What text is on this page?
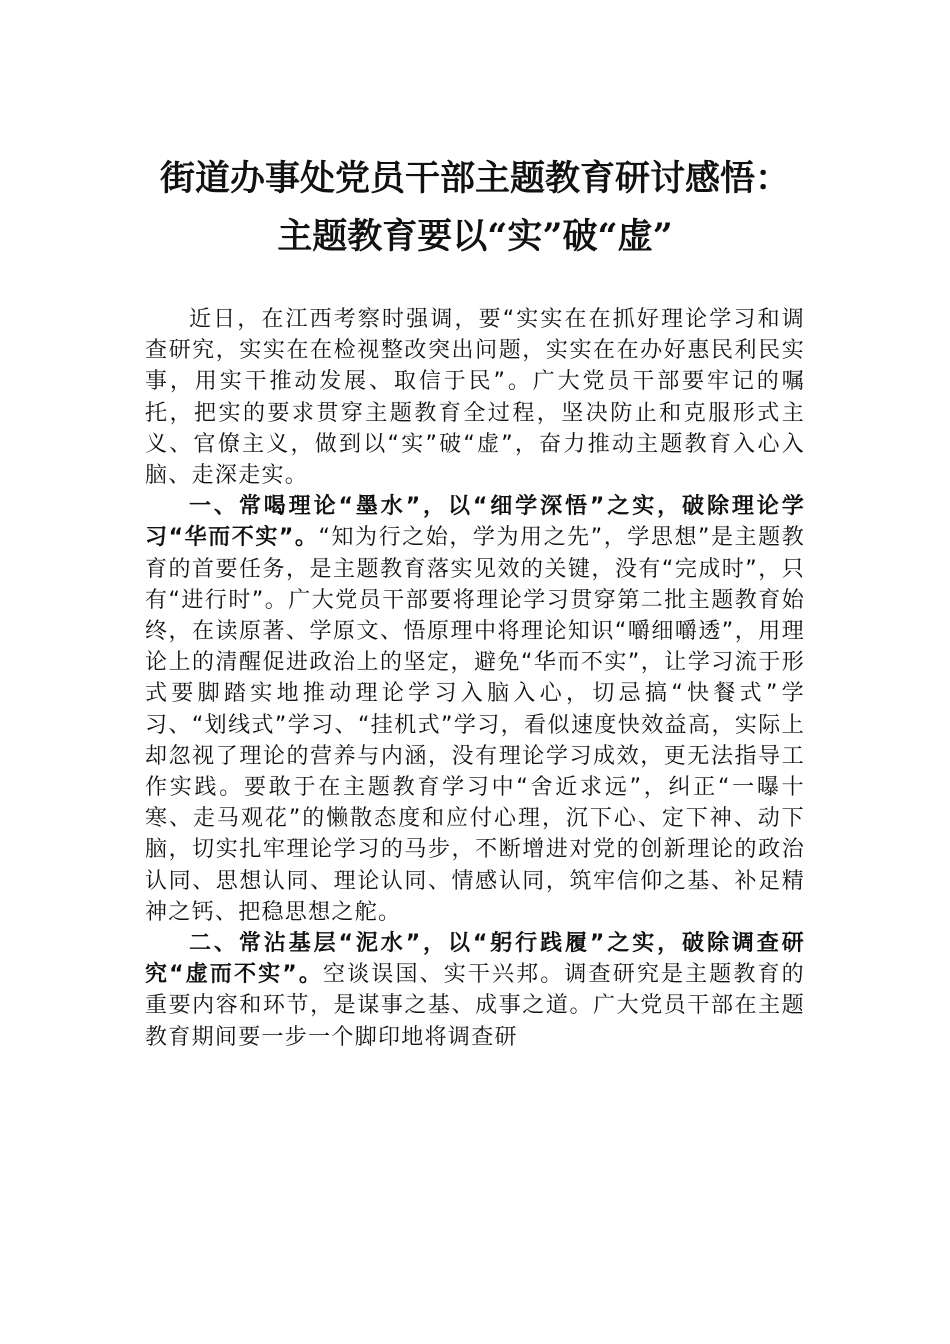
街道办事处党员干部主题教育研讨感悟：
主题教育要以“实”破“虚”

近日，在江西考察时强调，要“实实在在抓好理论学习和调查研究，实实在在检视整改突出问题，实实在在办好惠民利民实事，用实干推动发展、取信于民”。广大党员干部要牢记的嘱托，把实的要求贯穿主题教育全过程，坚决防止和克服形式主义、官僚主义，做到以“实”破“虚”，奋力推动主题教育入心入脑、走深走实。

一、常喝理论“墨水”，以“细学深悟”之实，破除理论学习“华而不实”。“知为行之始，学为用之先”，学思想”是主题教育的首要任务，是主题教育落实见效的关键，没有“完成时”，只有“进行时”。广大党员干部要将理论学习贯穿第二批主题教育始终，在读原著、学原文、悟原理中将理论知识“嚼细嚼透”，用理论上的清醒促进政治上的坚定，避免“华而不实”，让学习流于形式要脚踏实地推动理论学习入脑入心，切忌搞“快餐式”学习、“划线式”学习、“挂机式”学习，看似速度快效益高，实际上却忽视了理论的营养与内涵，没有理论学习成效，更无法指导工作实践。要敢于在主题教育学习中“舍近求远”，纠正“一曝十寒、走马观花”的懒散态度和应付心理，沉下心、定下神、动下脑，切实扎牢理论学习的马步，不断增进对党的创新理论的政治认同、思想认同、理论认同、情感认同，筑牢信仰之基、补足精神之钙、把稳思想之舵。

二、常沾基层“泥水”，以“躬行践履”之实，破除调查研究“虚而不实”。空谈误国、实干兴邦。调查研究是主题教育的重要内容和环节，是谋事之基、成事之道。广大党员干部在主题教育期间要一步一个脚印地将调查研
